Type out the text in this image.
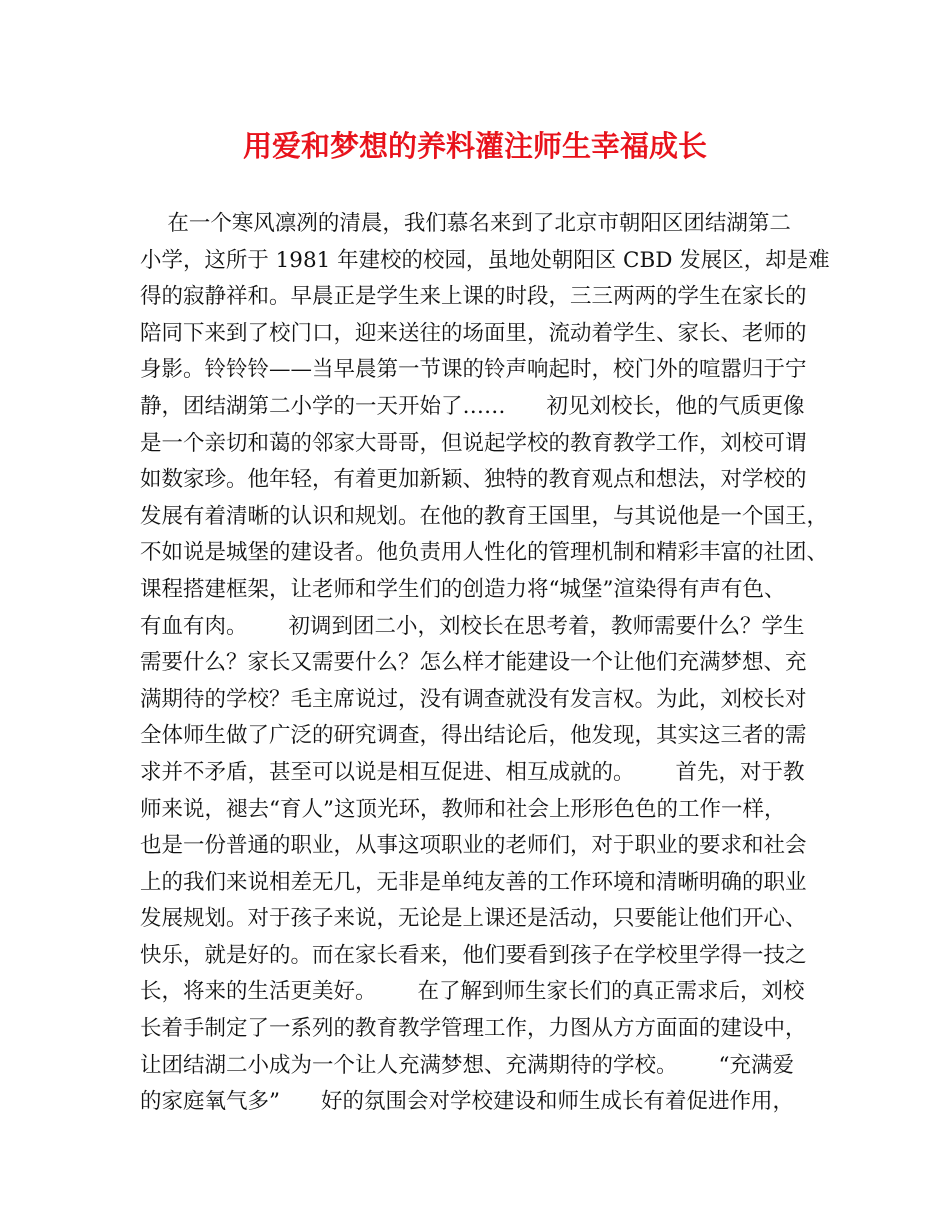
用爱和梦想的养料灌注师生幸福成长
在一个寒风凛冽的清晨，我们慕名来到了北京市朝阳区团结湖第二
小学，这所于 1981 年建校的校园，虽地处朝阳区 CBD 发展区，却是难
得的寂静祥和。早晨正是学生来上课的时段，三三两两的学生在家长的
陪同下来到了校门口，迎来送往的场面里，流动着学生、家长、老师的
身影。铃铃铃——当早晨第一节课的铃声响起时，校门外的喧嚣归于宁
静，团结湖第二小学的一天开始了……      初见刘校长，他的气质更像
是一个亲切和蔼的邻家大哥哥，但说起学校的教育教学工作，刘校可谓
如数家珍。他年轻，有着更加新颖、独特的教育观点和想法，对学校的
发展有着清晰的认识和规划。在他的教育王国里，与其说他是一个国王，
不如说是城堡的建设者。他负责用人性化的管理机制和精彩丰富的社团、
课程搭建框架，让老师和学生们的创造力将“城堡”渲染得有声有色、
有血有肉。      初调到团二小，刘校长在思考着，教师需要什么？学生
需要什么？家长又需要什么？怎么样才能建设一个让他们充满梦想、充
满期待的学校？毛主席说过，没有调查就没有发言权。为此，刘校长对
全体师生做了广泛的研究调查，得出结论后，他发现，其实这三者的需
求并不矛盾，甚至可以说是相互促进、相互成就的。      首先，对于教
师来说，褪去“育人”这顶光环，教师和社会上形形色色的工作一样，
也是一份普通的职业，从事这项职业的老师们，对于职业的要求和社会
上的我们来说相差无几，无非是单纯友善的工作环境和清晰明确的职业
发展规划。对于孩子来说，无论是上课还是活动，只要能让他们开心、
快乐，就是好的。而在家长看来，他们要看到孩子在学校里学得一技之
长，将来的生活更美好。      在了解到师生家长们的真正需求后，刘校
长着手制定了一系列的教育教学管理工作，力图从方方面面的建设中，
让团结湖二小成为一个让人充满梦想、充满期待的学校。      “充满爱
的家庭氧气多”      好的氛围会对学校建设和师生成长有着促进作用，
